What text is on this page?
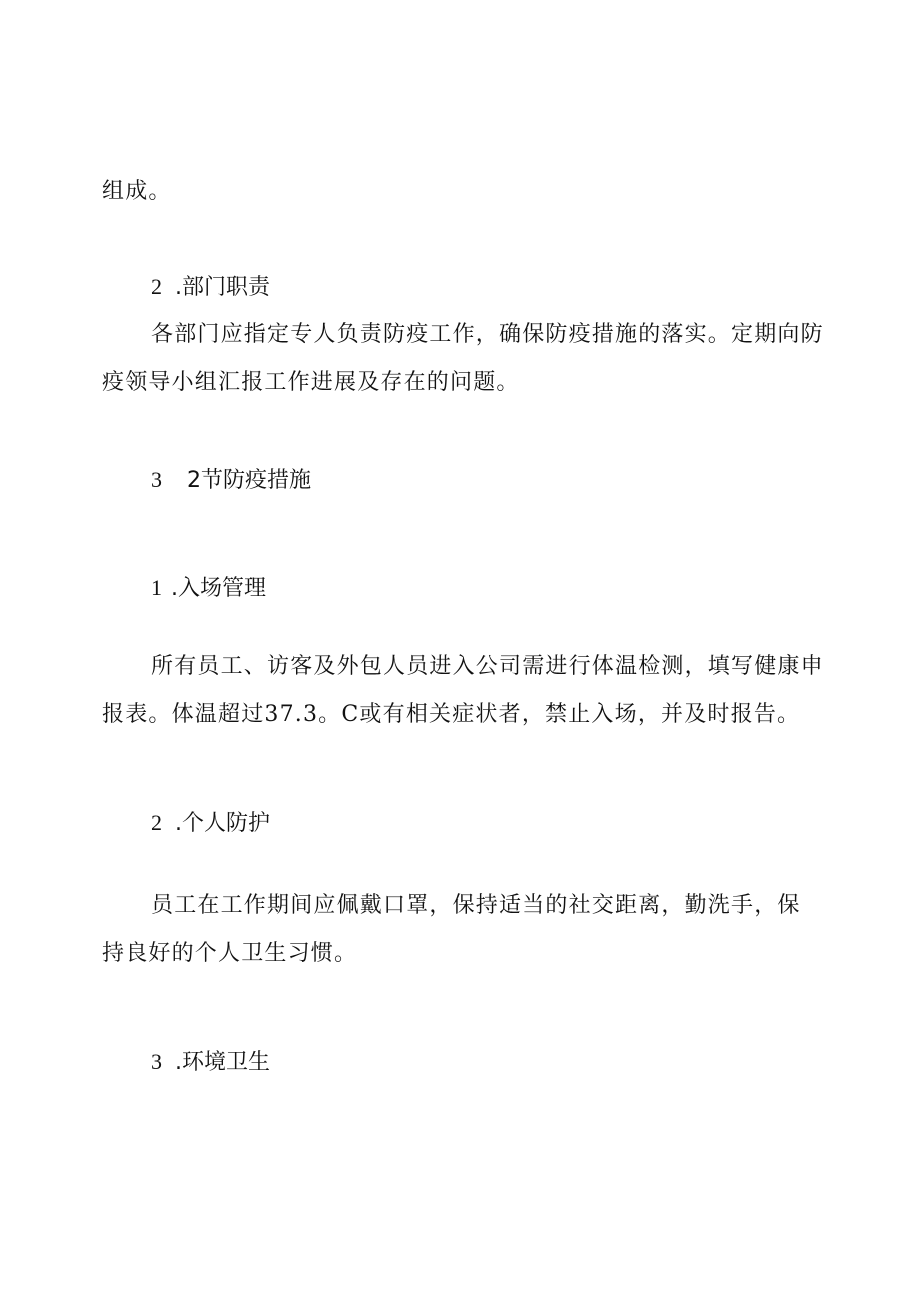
组成。
2 .部门职责
各部门应指定专人负责防疫工作，确保防疫措施的落实。定期向防
疫领导小组汇报工作进展及存在的问题。
3 2节防疫措施
1 .入场管理
所有员工、访客及外包人员进入公司需进行体温检测，填写健康申
报表。体温超过37.3。C或有相关症状者，禁止入场，并及时报告。
2 .个人防护
员工在工作期间应佩戴口罩，保持适当的社交距离，勤洗手，保
持良好的个人卫生习惯。
3 .环境卫生
